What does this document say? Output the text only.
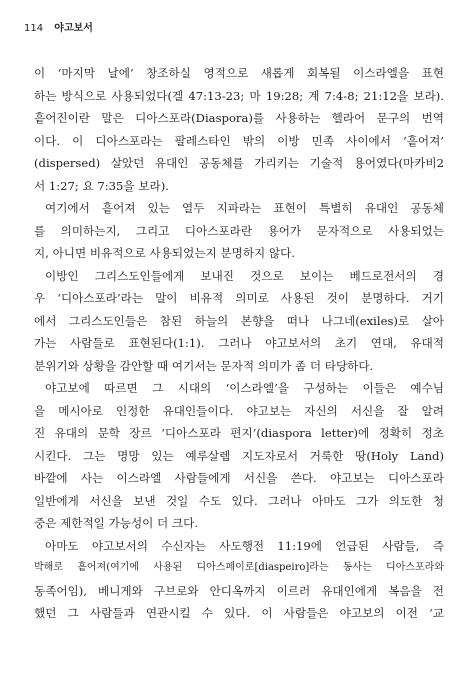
114 야고보서
이 ‘마지막 날에’ 창조하실 영적으로 새롭게 회복될 이스라엘을 표현
하는 방식으로 사용되었다(겔 47:13-23; 마 19:28; 계 7:4-8; 21:12을 보라).
흩어진이란 말은 디아스포라(Diaspora)를 사용하는 헬라어 문구의 번역
이다. 이 디아스포라는 팔레스타인 밖의 이방 민족 사이에서 ‘흩어져’
(dispersed) 살았던 유대인 공동체를 가리키는 기술적 용어였다(마카비2
서 1:27; 요 7:35을 보라).
여기에서 흩어져 있는 열두 지파라는 표현이 특별히 유대인 공동체
를 의미하는지, 그리고 디아스포라란 용어가 문자적으로 사용되었는
지, 아니면 비유적으로 사용되었는지 분명하지 않다.
이방인 그리스도인들에게 보내진 것으로 보이는 베드로전서의 경
우 ‘디아스포라’라는 말이 비유적 의미로 사용된 것이 분명하다. 거기
에서 그리스도인들은 참된 하늘의 본향을 떠나 나그네(exiles)로 살아
가는 사람들로 표현된다(1:1). 그러나 야고보서의 초기 연대, 유대적
분위기와 상황을 감안할 때 여기서는 문자적 의미가 좀 더 타당하다.
야고보에 따르면 그 시대의 ‘이스라엘’을 구성하는 이들은 예수님
을 메시아로 인정한 유대인들이다. 야고보는 자신의 서신을 잘 알려
진 유대의 문학 장르 ‘디아스포라 편지’(diaspora letter)에 정확히 정초
시킨다. 그는 명망 있는 예루살렘 지도자로서 거룩한 땅(Holy Land)
바깥에 사는 이스라엘 사람들에게 서신을 쓴다. 야고보는 디아스포라
일반에게 서신을 보낸 것일 수도 있다. 그러나 아마도 그가 의도한 청
중은 제한적일 가능성이 더 크다.
아마도 야고보서의 수신자는 사도행전 11:19에 언급된 사람들, 즉
박해로 흩어져(여기에 사용된 디아스페이로[diaspeiro]라는 동사는 디아스포라와
동족어임), 베니게와 구브로와 안디옥까지 이르러 유대인에게 복음을 전
했던 그 사람들과 연관시킬 수 있다. 이 사람들은 야고보의 이전 ‘교
